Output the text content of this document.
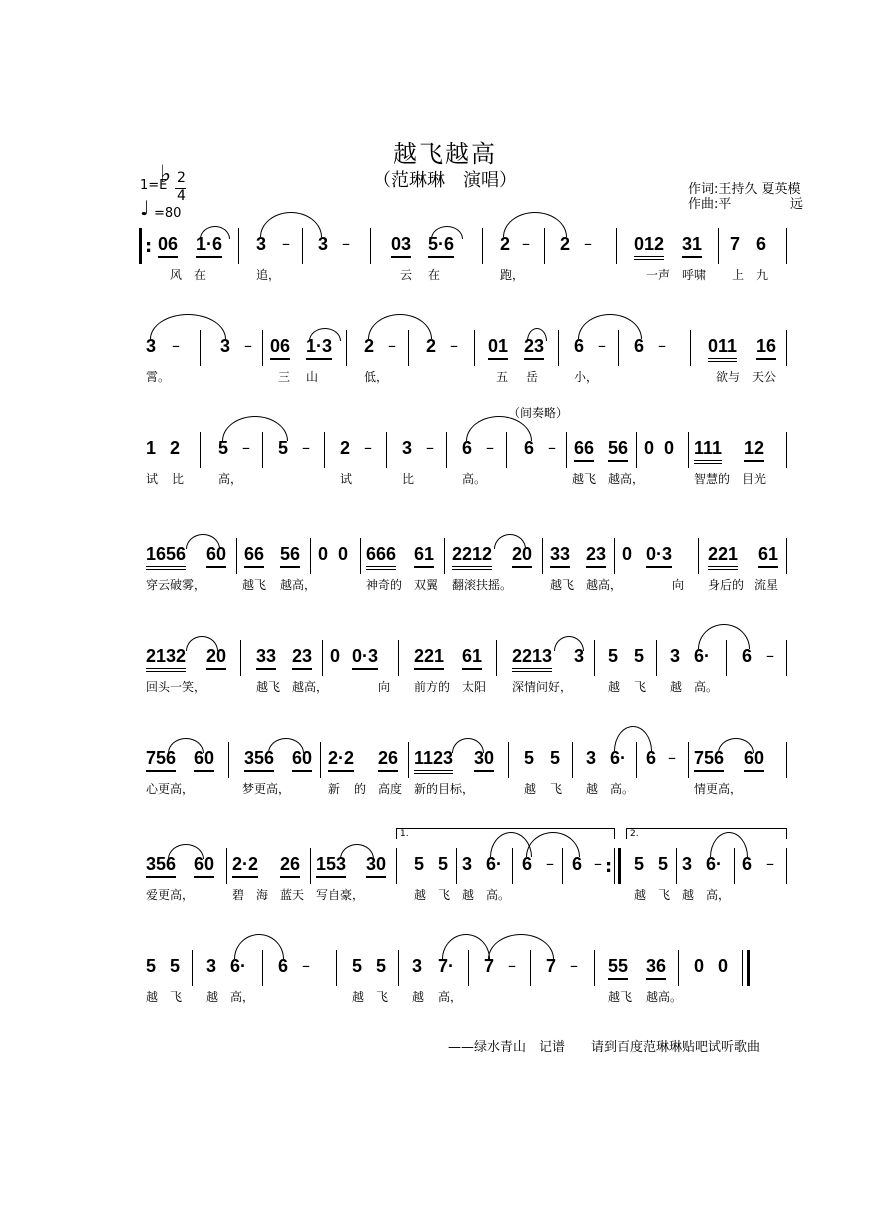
越飞越高
（范琳琳　演唱）
1=E
♭ 2
4
♩ =80
作词:王持久 夏英模
作曲:平	远
（间奏略）
: 06 1·6 3 – 3 – 03 5·6	2 – 2 – 012 31 7 6
风 在	追，	云 在	跑，	一声 呼啸 上 九
3 – 3 – 06 1·3 2 – 2 – 01 23 6 – 6 – 011 16
霄。	三 山	低，	五 岳	小，	欲与 天公
1 2 5 – 5 – 2 – 3 – 6 – 6 – 66 56 0 0 111 12
试 比	高，	试	比	高。	越飞 越高，	智慧的 目光
1656 60 66 56 0 0 666 61 2212 20 33 23 0 0·3 221 61
穿云破雾，	越飞 越高，	神奇的 双翼 翻滚扶摇。	越飞 越高，	向 身后的 流星
2132 20 33 23 0 0·3 221 61 2213 3 5 5 3 6· 6 –
回头一笑，	越飞 越高，	向 前方的 太阳 深情问好，	越 飞 越 高。
756 60 356 60 2·2 26 1123 30 5 5 3 6· 6 – 756 60
心更高，	梦更高，	新 的 高度 新的目标，	越 飞 越 高。	情更高，
356 60 2·2 26 153 30
1.
5 5 3 6· 6 – 6 – :
2.
5 5 3 6· 6 –
爱更高，	碧 海 蓝天 写自豪，	越 飞 越 高。	越 飞 越 高，
5 5 3 6· 6 – 5 5 3 7· 7 – 7 – 55 36 0 0
越 飞 越 高，	越 飞 越 高，	越飞 越高。
——绿水青山　记谱　　请到百度范琳琳贴吧试听歌曲
